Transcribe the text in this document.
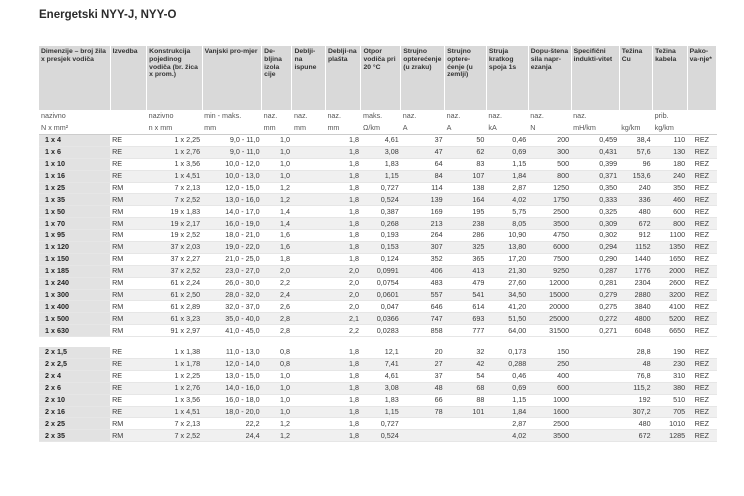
Energetski NYY-J, NYY-O
Dimenzije – broj žila x presjek vodiča	Izvedba	Konstrukcija pojedinog vodiča (br. žica x prom.)	Vanjski pro-mjer	De-bljina izola cije	Deblji-na ispune	Deblji-na plašta	Otpor vodiča pri 20 °C	Strujno opterećenje (u zraku)	Strujno optere-ćenje (u zemlji)	Struja kratkog spoja 1s	Dopu-štena sila napr-ezanja	Specifični indukti-vitet	Težina Cu	Težina kabela	Pako-va-nje*
nazivno		nazivno	min - maks.	naz.	naz.	naz.	maks.	naz.	naz.	naz.	naz.	naz.		prib.	
N x mm²		n x mm	mm	mm	mm	mm	Ω/km	A	A	kA	N	mH/km	kg/km	kg/km	
1 x 4	RE	1 x 2,25	9,0 - 11,0	1,0		1,8	4,61	37	50	0,46	200	0,459	38,4	110	REZ
1 x 6	RE	1 x 2,76	9,0 - 11,0	1,0		1,8	3,08	47	62	0,69	300	0,431	57,6	130	REZ
1 x 10	RE	1 x 3,56	10,0 - 12,0	1,0		1,8	1,83	64	83	1,15	500	0,399	96	180	REZ
1 x 16	RE	1 x 4,51	10,0 - 13,0	1,0		1,8	1,15	84	107	1,84	800	0,371	153,6	240	REZ
1 x 25	RM	7 x 2,13	12,0 - 15,0	1,2		1,8	0,727	114	138	2,87	1250	0,350	240	350	REZ
1 x 35	RM	7 x 2,52	13,0 - 16,0	1,2		1,8	0,524	139	164	4,02	1750	0,333	336	460	REZ
1 x 50	RM	19 x 1,83	14,0 - 17,0	1,4		1,8	0,387	169	195	5,75	2500	0,325	480	600	REZ
1 x 70	RM	19 x 2,17	16,0 - 19,0	1,4		1,8	0,268	213	238	8,05	3500	0,309	672	800	REZ
1 x 95	RM	19 x 2,52	18,0 - 21,0	1,6		1,8	0,193	264	286	10,90	4750	0,302	912	1100	REZ
1 x 120	RM	37 x 2,03	19,0 - 22,0	1,6		1,8	0,153	307	325	13,80	6000	0,294	1152	1350	REZ
1 x 150	RM	37 x 2,27	21,0 - 25,0	1,8		1,8	0,124	352	365	17,20	7500	0,290	1440	1650	REZ
1 x 185	RM	37 x 2,52	23,0 - 27,0	2,0		2,0	0,0991	406	413	21,30	9250	0,287	1776	2000	REZ
1 x 240	RM	61 x 2,24	26,0 - 30,0	2,2		2,0	0,0754	483	479	27,60	12000	0,281	2304	2600	REZ
1 x 300	RM	61 x 2,50	28,0 - 32,0	2,4		2,0	0,0601	557	541	34,50	15000	0,279	2880	3200	REZ
1 x 400	RM	61 x 2,89	32,0 - 37,0	2,6		2,0	0,047	646	614	41,20	20000	0,275	3840	4100	REZ
1 x 500	RM	61 x 3,23	35,0 - 40,0	2,8		2,1	0,0366	747	693	51,50	25000	0,272	4800	5200	REZ
1 x 630	RM	91 x 2,97	41,0 - 45,0	2,8		2,2	0,0283	858	777	64,00	31500	0,271	6048	6650	REZ

2 x 1,5	RE	1 x 1,38	11,0 - 13,0	0,8		1,8	12,1	20	32	0,173	150		28,8	190	REZ
2 x 2,5	RE	1 x 1,78	12,0 - 14,0	0,8		1,8	7,41	27	42	0,288	250		48	230	REZ
2 x 4	RE	1 x 2,25	13,0 - 15,0	1,0		1,8	4,61	37	54	0,46	400		76,8	310	REZ
2 x 6	RE	1 x 2,76	14,0 - 16,0	1,0		1,8	3,08	48	68	0,69	600		115,2	380	REZ
2 x 10	RE	1 x 3,56	16,0 - 18,0	1,0		1,8	1,83	66	88	1,15	1000		192	510	REZ
2 x 16	RE	1 x 4,51	18,0 - 20,0	1,0		1,8	1,15	78	101	1,84	1600		307,2	705	REZ
2 x 25	RM	7 x 2,13	22,2	1,2		1,8	0,727			2,87	2500		480	1010	REZ
2 x 35	RM	7 x 2,52	24,4	1,2		1,8	0,524			4,02	3500		672	1285	REZ
